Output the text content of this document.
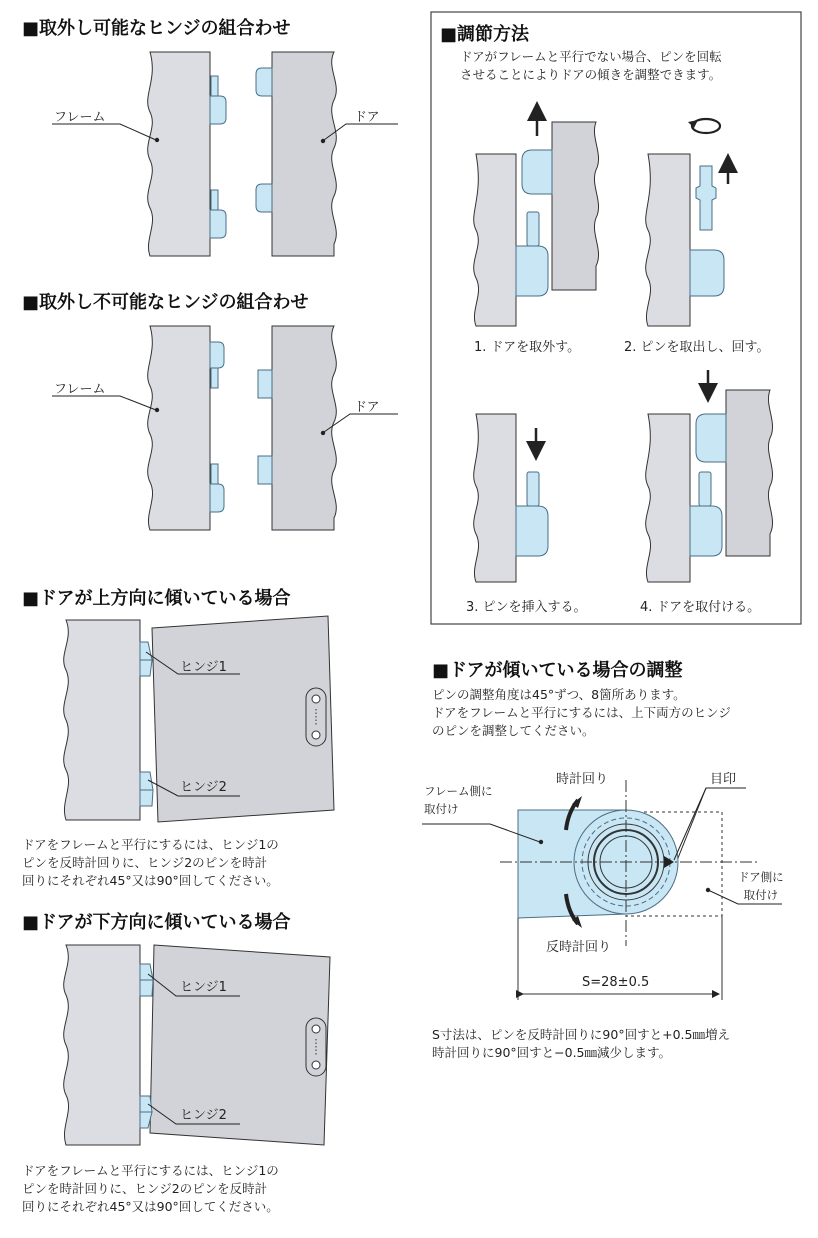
■取外し可能なヒンジの組合わせ
フレーム	ドア
■取外し不可能なヒンジの組合わせ
フレーム
ドア
■ドアが上方向に傾いている場合
ヒンジ1
ヒンジ2
ドアをフレームと平行にするには、ヒンジ1の
ピンを反時計回りに、ヒンジ2のピンを時計
回りにそれぞれ45°又は90°回してください。
■ドアが下方向に傾いている場合
ヒンジ1
ヒンジ2
ドアをフレームと平行にするには、ヒンジ1の
ピンを時計回りに、ヒンジ2のピンを反時計
回りにそれぞれ45°又は90°回してください。
■調節方法
ドアがフレームと平行でない場合、ピンを回転
させることによりドアの傾きを調整できます。
1. ドアを取外す。	2. ピンを取出し、回す。
3. ピンを挿入する。	4. ドアを取付ける。
■ドアが傾いている場合の調整
ピンの調整角度は45°ずつ、8箇所あります。
ドアをフレームと平行にするには、上下両方のヒンジ
のピンを調整してください。
フレーム側に
取付け
ドア側に
取付け
時計回り
反時計回り
目印
S=28±0.5
S寸法は、ピンを反時計回りに90°回すと+0.5㎜増え
時計回りに90°回すと−0.5㎜減少します。
